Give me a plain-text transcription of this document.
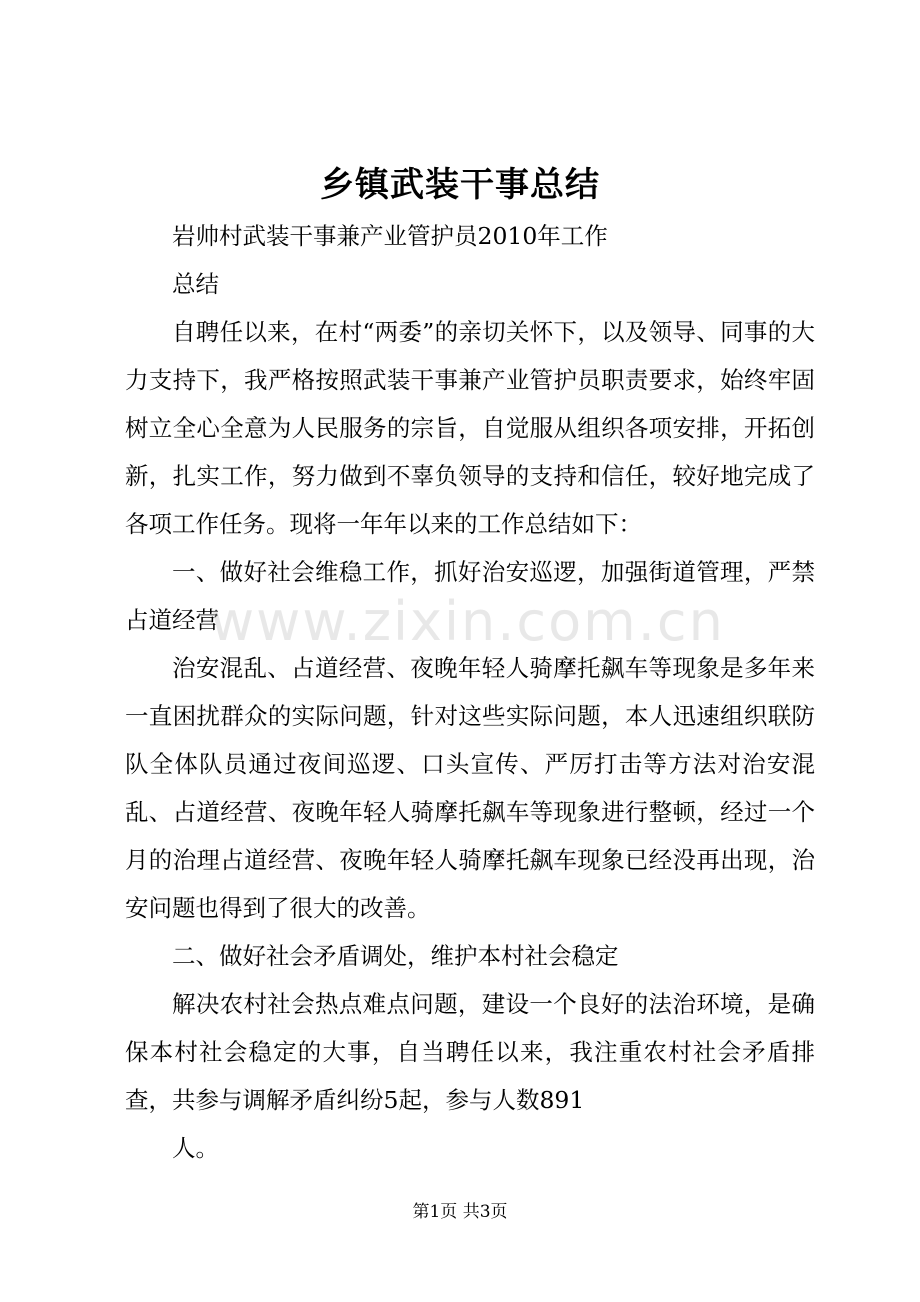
乡镇武装干事总结

岩帅村武装干事兼产业管护员2010年工作

总结

自聘任以来，在村“两委”的亲切关怀下，以及领导、同事的大力支持下，我严格按照武装干事兼产业管护员职责要求，始终牢固树立全心全意为人民服务的宗旨，自觉服从组织各项安排，开拓创新，扎实工作，努力做到不辜负领导的支持和信任，较好地完成了各项工作任务。现将一年年以来的工作总结如下：

一、做好社会维稳工作，抓好治安巡逻，加强街道管理，严禁占道经营

治安混乱、占道经营、夜晚年轻人骑摩托飙车等现象是多年来一直困扰群众的实际问题，针对这些实际问题，本人迅速组织联防队全体队员通过夜间巡逻、口头宣传、严厉打击等方法对治安混乱、占道经营、夜晚年轻人骑摩托飙车等现象进行整顿，经过一个月的治理占道经营、夜晚年轻人骑摩托飙车现象已经没再出现，治安问题也得到了很大的改善。

二、做好社会矛盾调处，维护本村社会稳定

解决农村社会热点难点问题，建设一个良好的法治环境，是确保本村社会稳定的大事，自当聘任以来，我注重农村社会矛盾排查，共参与调解矛盾纠纷5起，参与人数891

人。

www.zixin.com.cn
第1页 共3页
